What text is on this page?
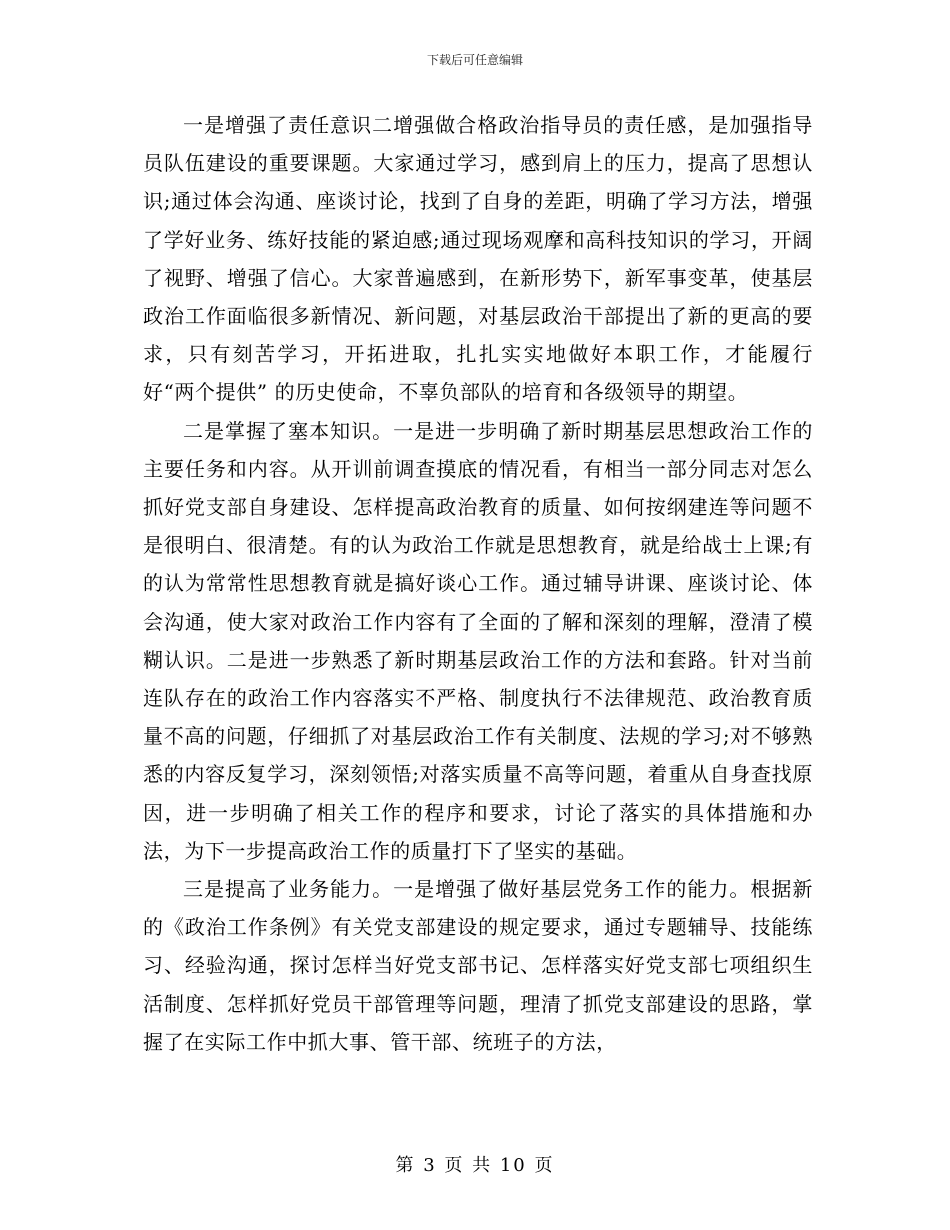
下载后可任意编辑

一是增强了责任意识二增强做合格政治指导员的责任感，是加强指导员队伍建设的重要课题。大家通过学习，感到肩上的压力，提高了思想认识;通过体会沟通、座谈讨论，找到了自身的差距，明确了学习方法，增强了学好业务、练好技能的紧迫感;通过现场观摩和高科技知识的学习，开阔了视野、增强了信心。大家普遍感到，在新形势下，新军事变革，使基层政治工作面临很多新情况、新问题，对基层政治干部提出了新的更高的要求，只有刻苦学习，开拓进取，扎扎实实地做好本职工作，才能履行好“两个提供” 的历史使命，不辜负部队的培育和各级领导的期望。

二是掌握了塞本知识。一是进一步明确了新时期基层思想政治工作的主要任务和内容。从开训前调查摸底的情况看，有相当一部分同志对怎么抓好党支部自身建设、怎样提高政治教育的质量、如何按纲建连等问题不是很明白、很清楚。有的认为政治工作就是思想教育，就是给战士上课;有的认为常常性思想教育就是搞好谈心工作。通过辅导讲课、座谈讨论、体会沟通，使大家对政治工作内容有了全面的了解和深刻的理解，澄清了模糊认识。二是进一步熟悉了新时期基层政治工作的方法和套路。针对当前连队存在的政治工作内容落实不严格、制度执行不法律规范、政治教育质量不高的问题，仔细抓了对基层政治工作有关制度、法规的学习;对不够熟悉的内容反复学习，深刻领悟;对落实质量不高等问题，着重从自身查找原因，进一步明确了相关工作的程序和要求，讨论了落实的具体措施和办法，为下一步提高政治工作的质量打下了坚实的基础。

三是提高了业务能力。一是增强了做好基层党务工作的能力。根据新的《政治工作条例》有关党支部建设的规定要求，通过专题辅导、技能练习、经验沟通，探讨怎样当好党支部书记、怎样落实好党支部七项组织生活制度、怎样抓好党员干部管理等问题，理清了抓党支部建设的思路，掌握了在实际工作中抓大事、管干部、统班子的方法，

第 3 页 共 10 页
